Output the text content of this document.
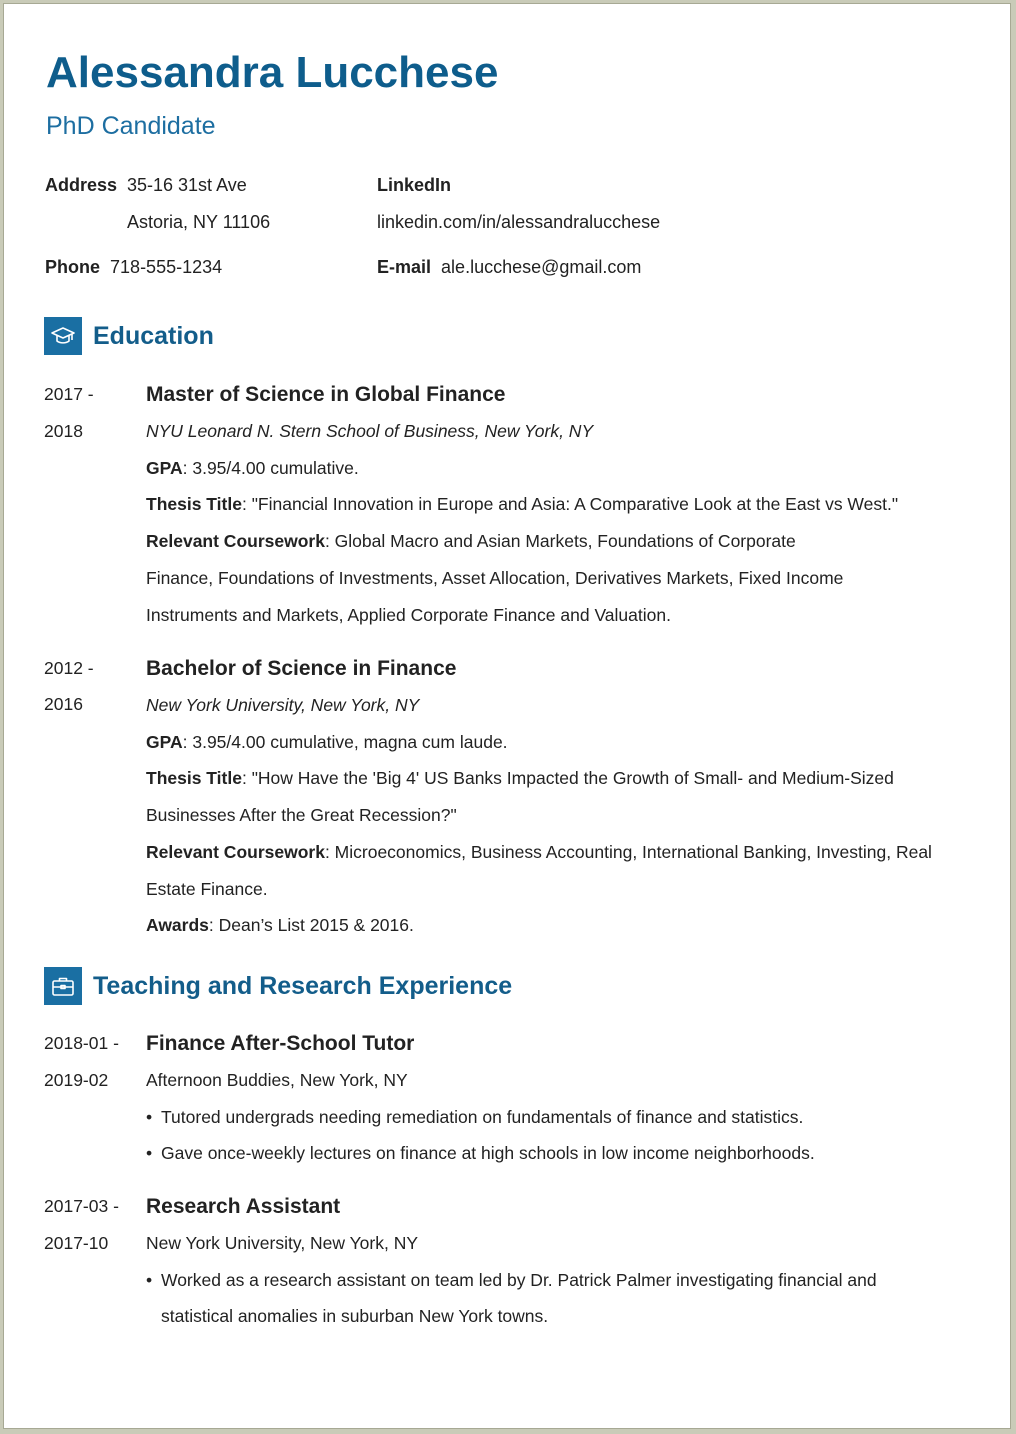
Alessandra Lucchese
PhD Candidate
Address 35-16 31st Ave
Astoria, NY 11106
Phone 718-555-1234
LinkedIn
linkedin.com/in/alessandralucchese
E-mail ale.lucchese@gmail.com
Education
2017 -
2018
Master of Science in Global Finance
NYU Leonard N. Stern School of Business, New York, NY
GPA: 3.95/4.00 cumulative.
Thesis Title: "Financial Innovation in Europe and Asia: A Comparative Look at the East vs West."
Relevant Coursework: Global Macro and Asian Markets, Foundations of Corporate
Finance, Foundations of Investments, Asset Allocation, Derivatives Markets, Fixed Income
Instruments and Markets, Applied Corporate Finance and Valuation.
2012 -
2016
Bachelor of Science in Finance
New York University, New York, NY
GPA: 3.95/4.00 cumulative, magna cum laude.
Thesis Title: "How Have the 'Big 4' US Banks Impacted the Growth of Small- and Medium-Sized
Businesses After the Great Recession?"
Relevant Coursework: Microeconomics, Business Accounting, International Banking, Investing, Real
Estate Finance.
Awards: Dean’s List 2015 & 2016.
Teaching and Research Experience
2018-01 -
2019-02
Finance After-School Tutor
Afternoon Buddies, New York, NY
• Tutored undergrads needing remediation on fundamentals of finance and statistics.
• Gave once-weekly lectures on finance at high schools in low income neighborhoods.
2017-03 -
2017-10
Research Assistant
New York University, New York, NY
• Worked as a research assistant on team led by Dr. Patrick Palmer investigating financial and
statistical anomalies in suburban New York towns.
